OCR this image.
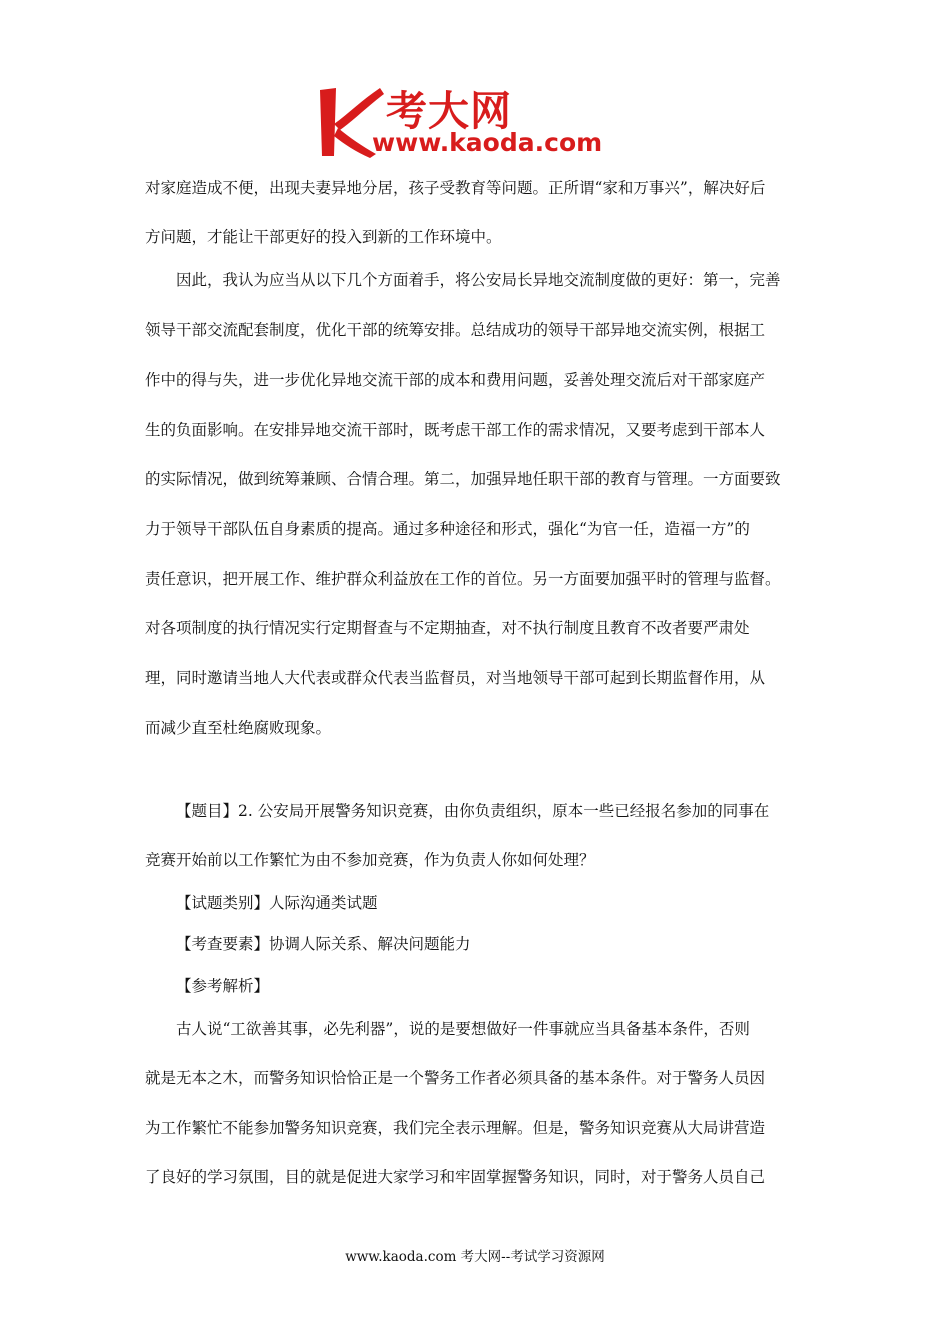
考大网
www.kaoda.com
对家庭造成不便，出现夫妻异地分居，孩子受教育等问题。正所谓“家和万事兴”，解决好后
方问题，才能让干部更好的投入到新的工作环境中。
因此，我认为应当从以下几个方面着手，将公安局长异地交流制度做的更好：第一，完善
领导干部交流配套制度，优化干部的统筹安排。总结成功的领导干部异地交流实例，根据工
作中的得与失，进一步优化异地交流干部的成本和费用问题，妥善处理交流后对干部家庭产
生的负面影响。在安排异地交流干部时，既考虑干部工作的需求情况，又要考虑到干部本人
的实际情况，做到统筹兼顾、合情合理。第二，加强异地任职干部的教育与管理。一方面要致
力于领导干部队伍自身素质的提高。通过多种途径和形式，强化“为官一任，造福一方”的
责任意识，把开展工作、维护群众利益放在工作的首位。另一方面要加强平时的管理与监督。
对各项制度的执行情况实行定期督查与不定期抽查，对不执行制度且教育不改者要严肃处
理，同时邀请当地人大代表或群众代表当监督员，对当地领导干部可起到长期监督作用，从
而减少直至杜绝腐败现象。
【题目】2. 公安局开展警务知识竞赛，由你负责组织，原本一些已经报名参加的同事在
竞赛开始前以工作繁忙为由不参加竞赛，作为负责人你如何处理？
【试题类别】人际沟通类试题
【考查要素】协调人际关系、解决问题能力
【参考解析】
古人说“工欲善其事，必先利器”，说的是要想做好一件事就应当具备基本条件，否则
就是无本之木，而警务知识恰恰正是一个警务工作者必须具备的基本条件。对于警务人员因
为工作繁忙不能参加警务知识竞赛，我们完全表示理解。但是，警务知识竞赛从大局讲营造
了良好的学习氛围，目的就是促进大家学习和牢固掌握警务知识，同时，对于警务人员自己
www.kaoda.com 考大网--考试学习资源网
